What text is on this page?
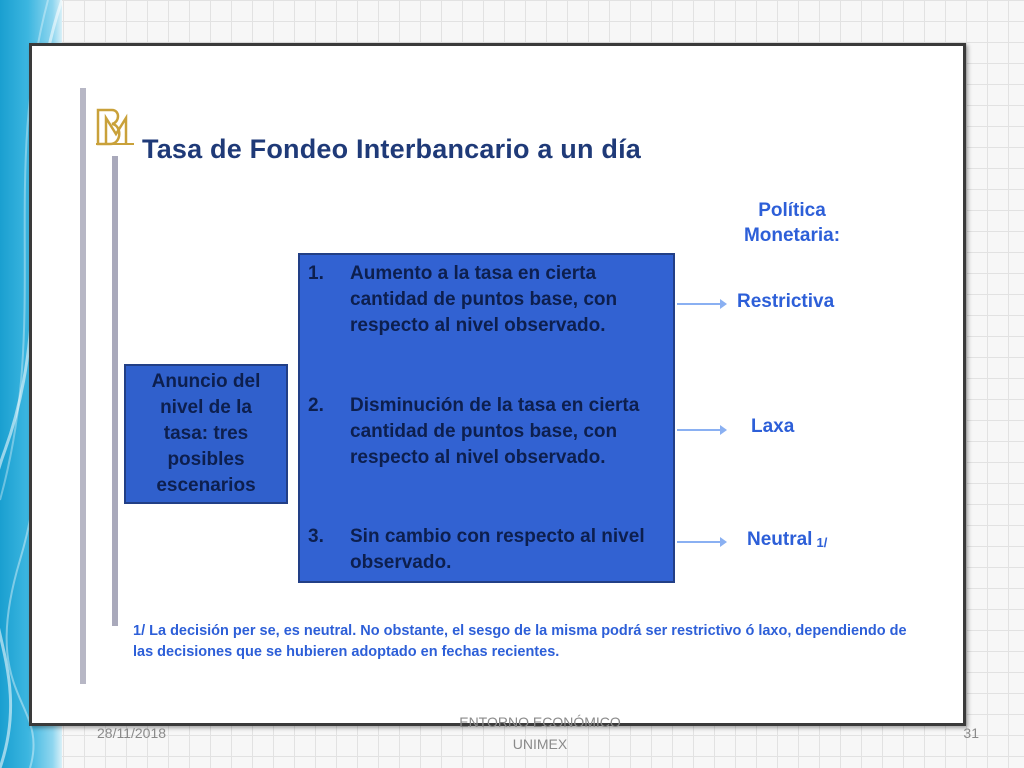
Tasa de Fondeo Interbancario a un día
Política
Monetaria:
Anuncio del nivel de la tasa: tres posibles escenarios
1.	Aumento a la tasa en cierta cantidad de puntos base, con respecto al nivel observado.
2.	Disminución de la tasa en cierta cantidad de puntos base, con respecto al nivel observado.
3.	Sin cambio con respecto al nivel observado.
Restrictiva
Laxa
Neutral $^{1/}$

1/ La decisión per se, es neutral. No obstante, el sesgo de la misma podrá ser restrictivo ó laxo, dependiendo de las decisiones que se hubieren adoptado en fechas recientes.

28/11/2018
ENTORNO ECONÓMICO
UNIMEX
31
